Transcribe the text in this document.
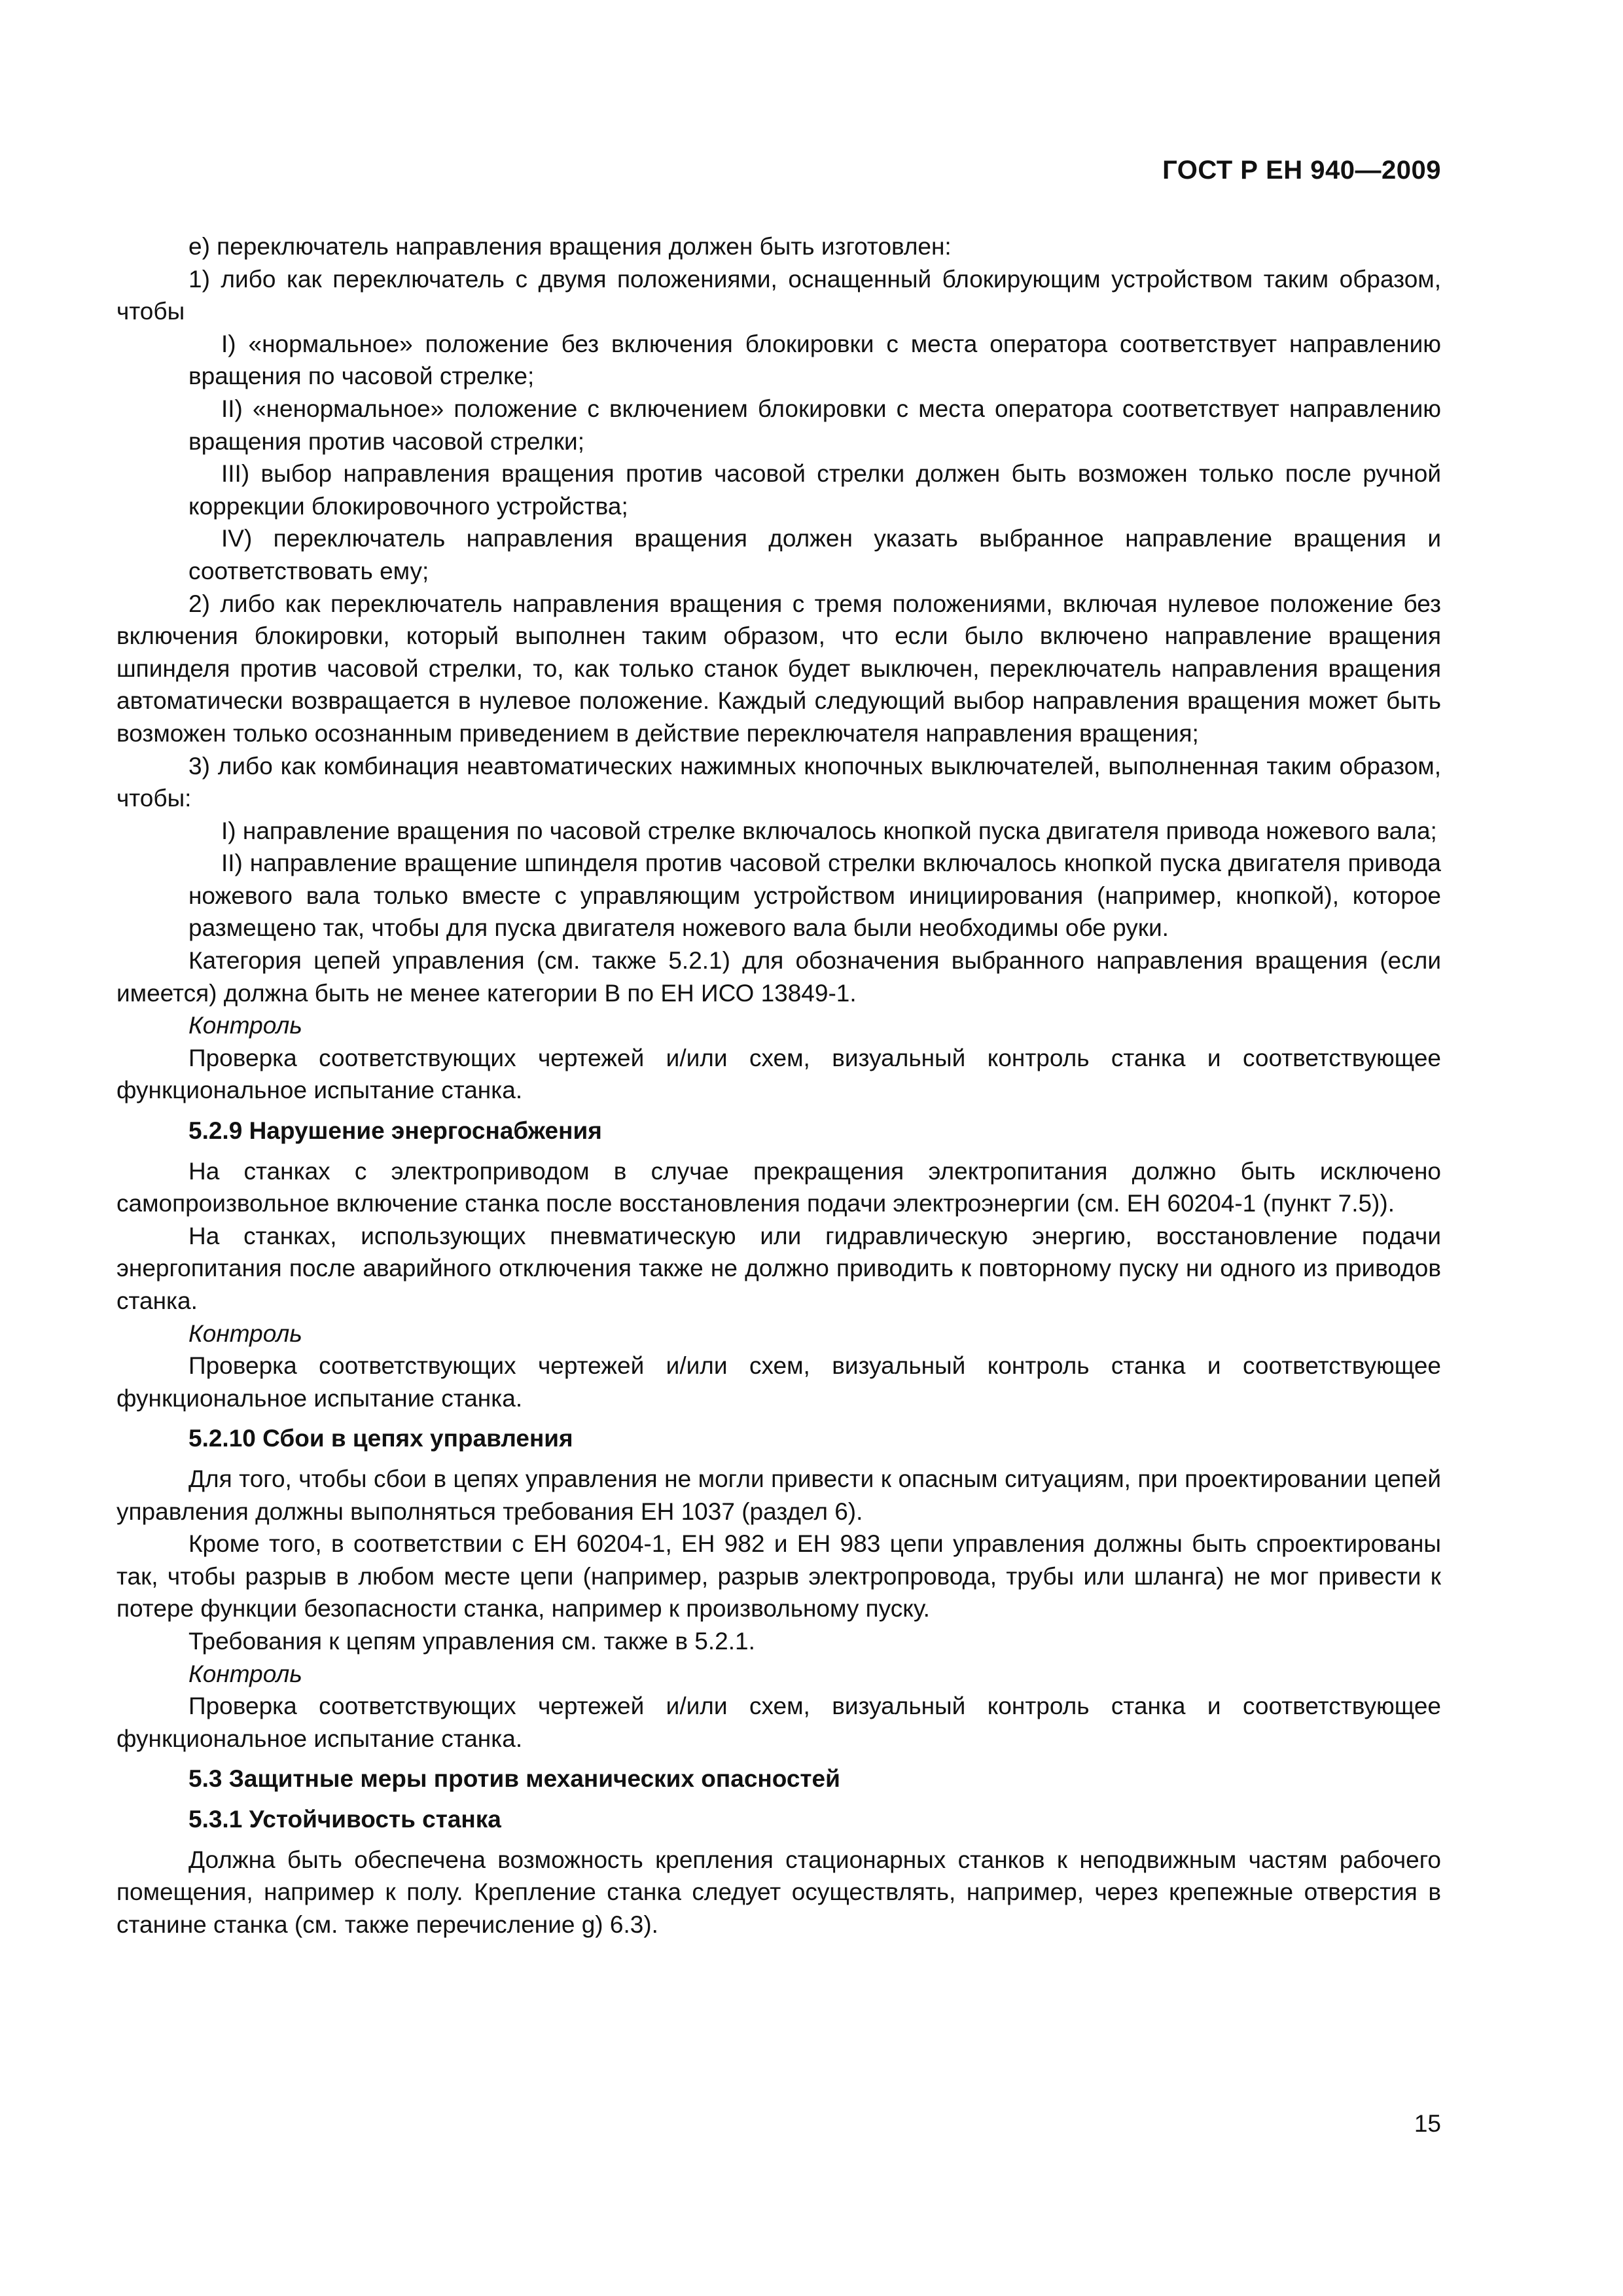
ГОСТ Р ЕН 940—2009

e) переключатель направления вращения должен быть изготовлен:

1) либо как переключатель с двумя положениями, оснащенный блокирующим устройством таким образом, чтобы

I) «нормальное» положение без включения блокировки с места оператора соответствует направлению вращения по часовой стрелке;

II) «ненормальное» положение с включением блокировки с места оператора соответствует направлению вращения против часовой стрелки;

III) выбор направления вращения против часовой стрелки должен быть возможен только после ручной коррекции блокировочного устройства;

IV) переключатель направления вращения должен указать выбранное направление вращения и соответствовать ему;

2) либо как переключатель направления вращения с тремя положениями, включая нулевое положение без включения блокировки, который выполнен таким образом, что если было включено направление вращения шпинделя против часовой стрелки, то, как только станок будет выключен, переключатель направления вращения автоматически возвращается в нулевое положение. Каждый следующий выбор направления вращения может быть возможен только осознанным приведением в действие переключателя направления вращения;

3) либо как комбинация неавтоматических нажимных кнопочных выключателей, выполненная таким образом, чтобы:

I) направление вращения по часовой стрелке включалось кнопкой пуска двигателя привода ножевого вала;

II) направление вращение шпинделя против часовой стрелки включалось кнопкой пуска двигателя привода ножевого вала только вместе с управляющим устройством инициирования (например, кнопкой), которое размещено так, чтобы для пуска двигателя ножевого вала были необходимы обе руки.

Категория цепей управления (см. также 5.2.1) для обозначения выбранного направления вращения (если имеется) должна быть не менее категории B по ЕН ИСО 13849-1.

Контроль

Проверка соответствующих чертежей и/или схем, визуальный контроль станка и соответствующее функциональное испытание станка.

5.2.9 Нарушение энергоснабжения

На станках с электроприводом в случае прекращения электропитания должно быть исключено самопроизвольное включение станка после восстановления подачи электроэнергии (см. ЕН 60204-1 (пункт 7.5)).

На станках, использующих пневматическую или гидравлическую энергию, восстановление подачи энергопитания после аварийного отключения также не должно приводить к повторному пуску ни одного из приводов станка.

Контроль

Проверка соответствующих чертежей и/или схем, визуальный контроль станка и соответствующее функциональное испытание станка.

5.2.10 Сбои в цепях управления

Для того, чтобы сбои в цепях управления не могли привести к опасным ситуациям, при проектировании цепей управления должны выполняться требования ЕН 1037 (раздел 6).

Кроме того, в соответствии с ЕН 60204-1, ЕН 982 и ЕН 983 цепи управления должны быть спроектированы так, чтобы разрыв в любом месте цепи (например, разрыв электропровода, трубы или шланга) не мог привести к потере функции безопасности станка, например к произвольному пуску.

Требования к цепям управления см. также в 5.2.1.

Контроль

Проверка соответствующих чертежей и/или схем, визуальный контроль станка и соответствующее функциональное испытание станка.

5.3 Защитные меры против механических опасностей

5.3.1 Устойчивость станка

Должна быть обеспечена возможность крепления стационарных станков к неподвижным частям рабочего помещения, например к полу. Крепление станка следует осуществлять, например, через крепежные отверстия в станине станка (см. также перечисление g) 6.3).

15
